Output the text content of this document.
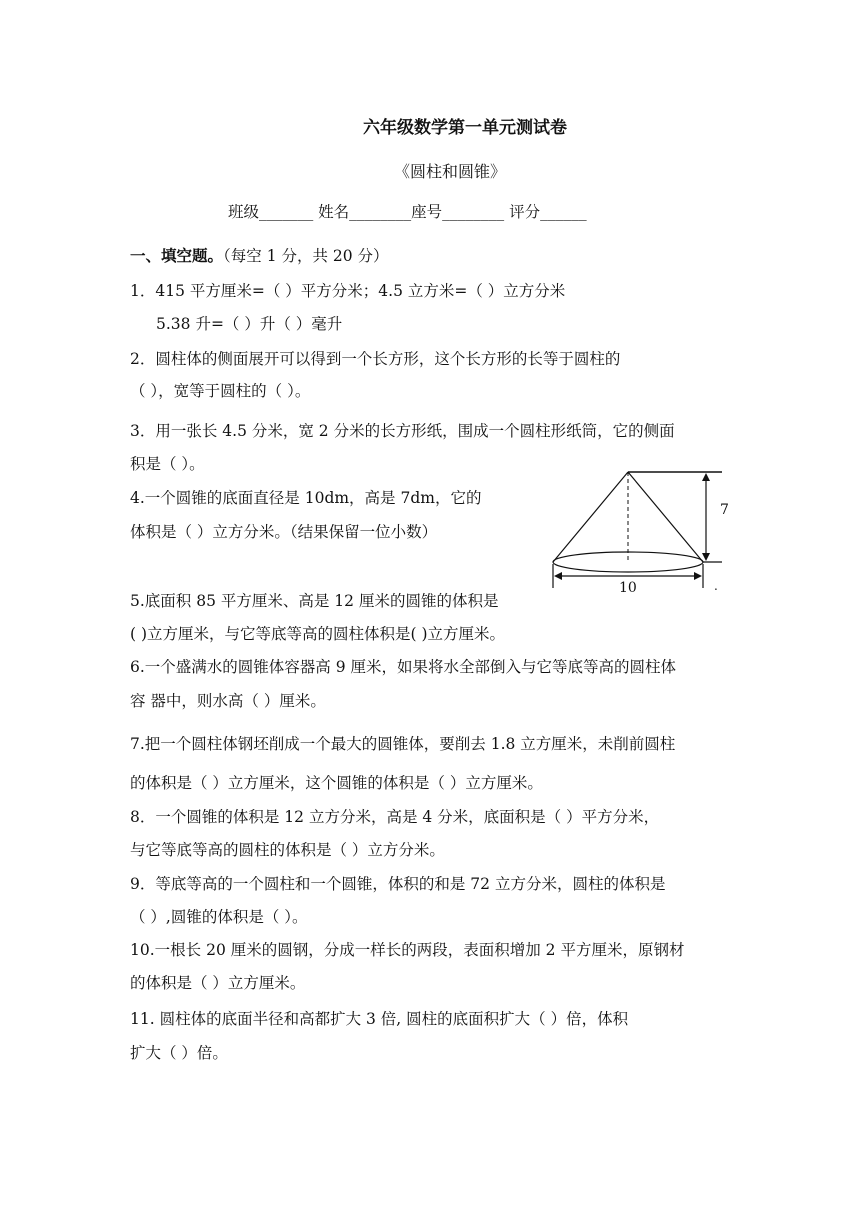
六年级数学第一单元测试卷
《圆柱和圆锥》
班级_______ 姓名________座号________ 评分______
一、填空题。（每空 1 分，共 20 分）
1．415 平方厘米=（ ）平方分米；4.5 立方米=（ ）立方分米
5.38 升=（ ）升（ ）毫升
2．圆柱体的侧面展开可以得到一个长方形，这个长方形的长等于圆柱的
（ ），宽等于圆柱的（ ）。
3．用一张长 4.5 分米，宽 2 分米的长方形纸，围成一个圆柱形纸筒，它的侧面
积是（ ）。
4.一个圆锥的底面直径是 10dm，高是 7dm，它的
体积是（ ）立方分米。（结果保留一位小数）
7
10	.
5.底面积 85 平方厘米、高是 12 厘米的圆锥的体积是
( )立方厘米，与它等底等高的圆柱体积是( )立方厘米。
6.一个盛满水的圆锥体容器高 9 厘米，如果将水全部倒入与它等底等高的圆柱体
容 器中，则水高（ ）厘米。
7.把一个圆柱体钢坯削成一个最大的圆锥体，要削去 1.8 立方厘米，未削前圆柱
的体积是（ ）立方厘米，这个圆锥的体积是（ ）立方厘米。
8．一个圆锥的体积是 12 立方分米，高是 4 分米，底面积是（ ）平方分米，
与它等底等高的圆柱的体积是（ ）立方分米。
9．等底等高的一个圆柱和一个圆锥，体积的和是 72 立方分米，圆柱的体积是
（ ）,圆锥的体积是（ ）。
10.一根长 20 厘米的圆钢，分成一样长的两段，表面积增加 2 平方厘米，原钢材
的体积是（ ）立方厘米。
11. 圆柱体的底面半径和高都扩大 3 倍, 圆柱的底面积扩大（ ）倍，体积
扩大（ ）倍。
